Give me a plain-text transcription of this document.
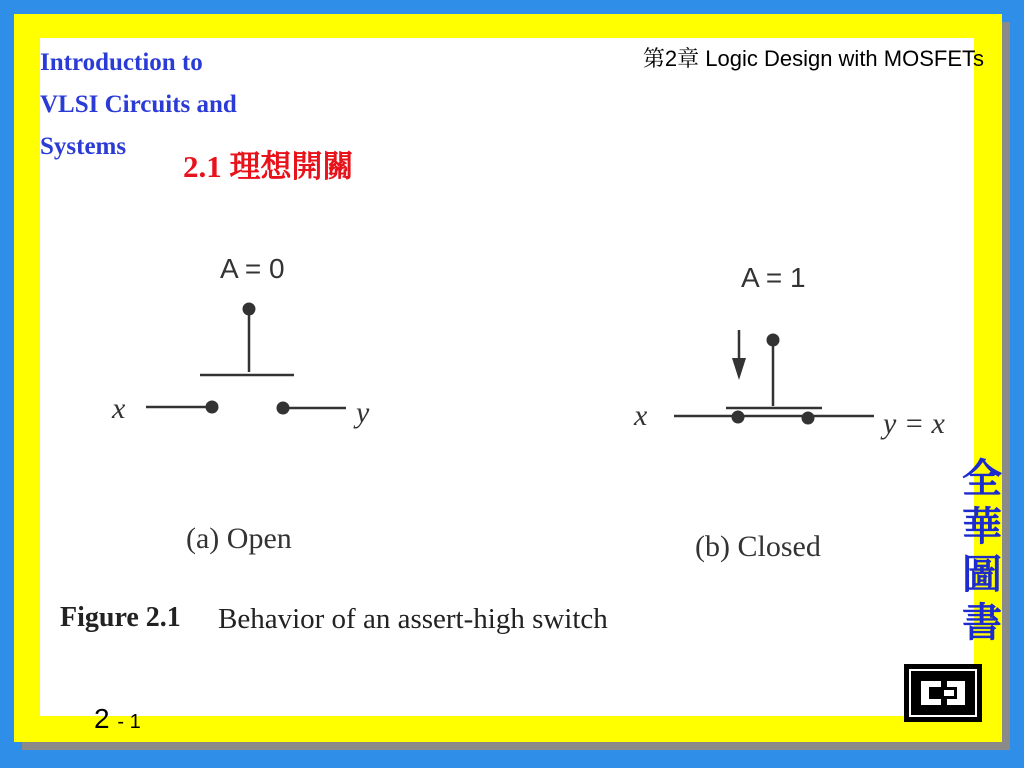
Introduction to
VLSI Circuits and
Systems
第2章 Logic Design with MOSFETs
2.1 理想開關
A = 0
x	y
(a) Open
A = 1
x	y = x
(b) Closed
Figure 2.1 Behavior of an assert-high switch
全
華
圖
書
2 - 1
